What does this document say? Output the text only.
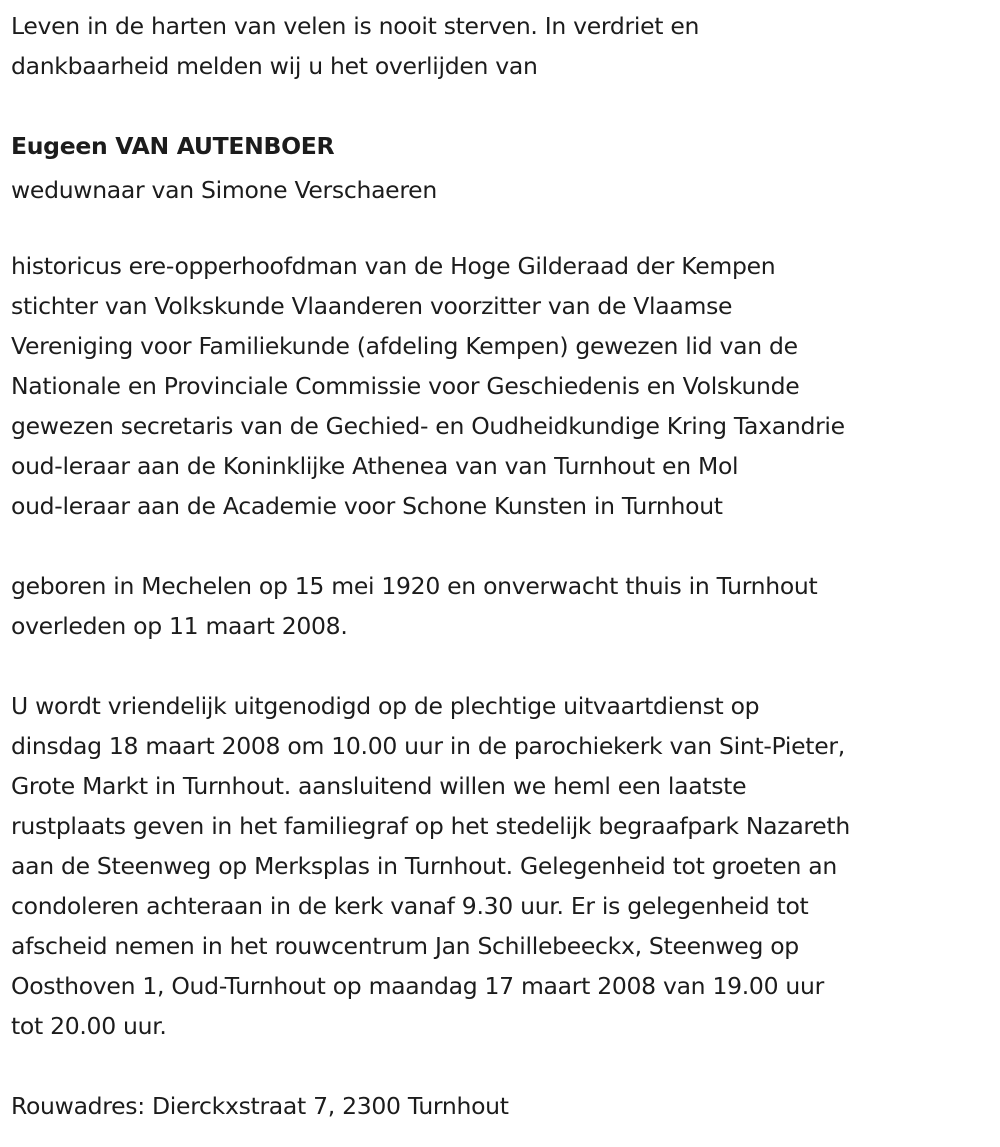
Leven in de harten van velen is nooit sterven. In verdriet en
dankbaarheid melden wij u het overlijden van
Eugeen VAN AUTENBOER
weduwnaar van Simone Verschaeren
historicus ere-opperhoofdman van de Hoge Gilderaad der Kempen
stichter van Volkskunde Vlaanderen voorzitter van de Vlaamse
Vereniging voor Familiekunde (afdeling Kempen) gewezen lid van de
Nationale en Provinciale Commissie voor Geschiedenis en Volskunde
gewezen secretaris van de Gechied- en Oudheidkundige Kring Taxandrie
oud-leraar aan de Koninklijke Athenea van van Turnhout en Mol
oud-leraar aan de Academie voor Schone Kunsten in Turnhout
geboren in Mechelen op 15 mei 1920 en onverwacht thuis in Turnhout
overleden op 11 maart 2008.
U wordt vriendelijk uitgenodigd op de plechtige uitvaartdienst op
dinsdag 18 maart 2008 om 10.00 uur in de parochiekerk van Sint-Pieter,
Grote Markt in Turnhout. aansluitend willen we heml een laatste
rustplaats geven in het familiegraf op het stedelijk begraafpark Nazareth
aan de Steenweg op Merksplas in Turnhout. Gelegenheid tot groeten an
condoleren achteraan in de kerk vanaf 9.30 uur. Er is gelegenheid tot
afscheid nemen in het rouwcentrum Jan Schillebeeckx, Steenweg op
Oosthoven 1, Oud-Turnhout op maandag 17 maart 2008 van 19.00 uur
tot 20.00 uur.
Rouwadres: Dierckxstraat 7, 2300 Turnhout
